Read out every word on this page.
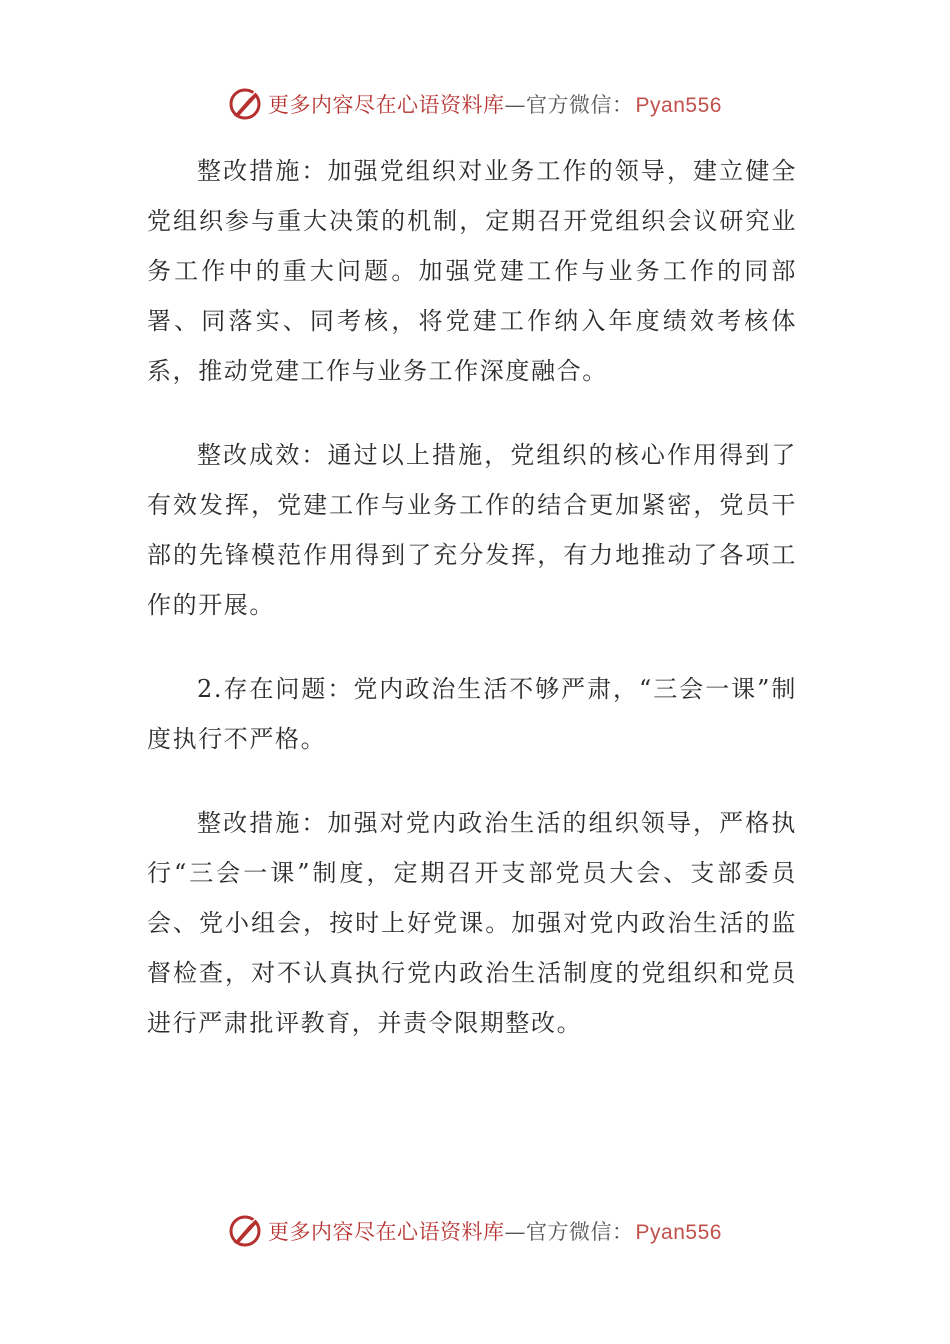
更多内容尽在心语资料库—官方微信：Pyan556

整改措施：加强党组织对业务工作的领导，建立健全党组织参与重大决策的机制，定期召开党组织会议研究业务工作中的重大问题。加强党建工作与业务工作的同部署、同落实、同考核，将党建工作纳入年度绩效考核体系，推动党建工作与业务工作深度融合。

整改成效：通过以上措施，党组织的核心作用得到了有效发挥，党建工作与业务工作的结合更加紧密，党员干部的先锋模范作用得到了充分发挥，有力地推动了各项工作的开展。

2.存在问题：党内政治生活不够严肃，“三会一课”制度执行不严格。

整改措施：加强对党内政治生活的组织领导，严格执行“三会一课”制度，定期召开支部党员大会、支部委员会、党小组会，按时上好党课。加强对党内政治生活的监督检查，对不认真执行党内政治生活制度的党组织和党员进行严肃批评教育，并责令限期整改。

更多内容尽在心语资料库—官方微信：Pyan556
